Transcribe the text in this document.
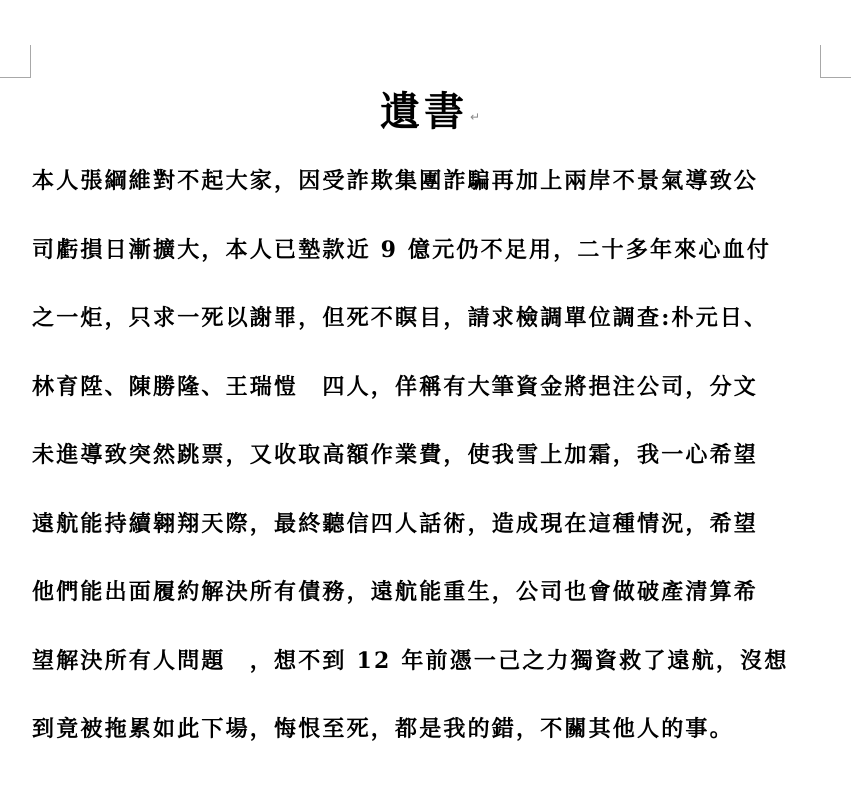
遺書 ↵
本人張綱維對不起大家，因受詐欺集團詐騙再加上兩岸不景氣導致公
司虧損日漸擴大，本人已墊款近 9 億元仍不足用，二十多年來心血付
之一炬，只求一死以謝罪，但死不瞑目，請求檢調單位調查:朴元日、
林育陞、陳勝隆、王瑞愷　四人，佯稱有大筆資金將挹注公司，分文
未進導致突然跳票，又收取高額作業費，使我雪上加霜，我一心希望
遠航能持續翱翔天際，最終聽信四人話術，造成現在這種情況，希望
他們能出面履約解決所有債務，遠航能重生，公司也會做破產清算希
望解決所有人問題　，想不到 12 年前憑一己之力獨資救了遠航，沒想
到竟被拖累如此下場，悔恨至死，都是我的錯，不關其他人的事。
